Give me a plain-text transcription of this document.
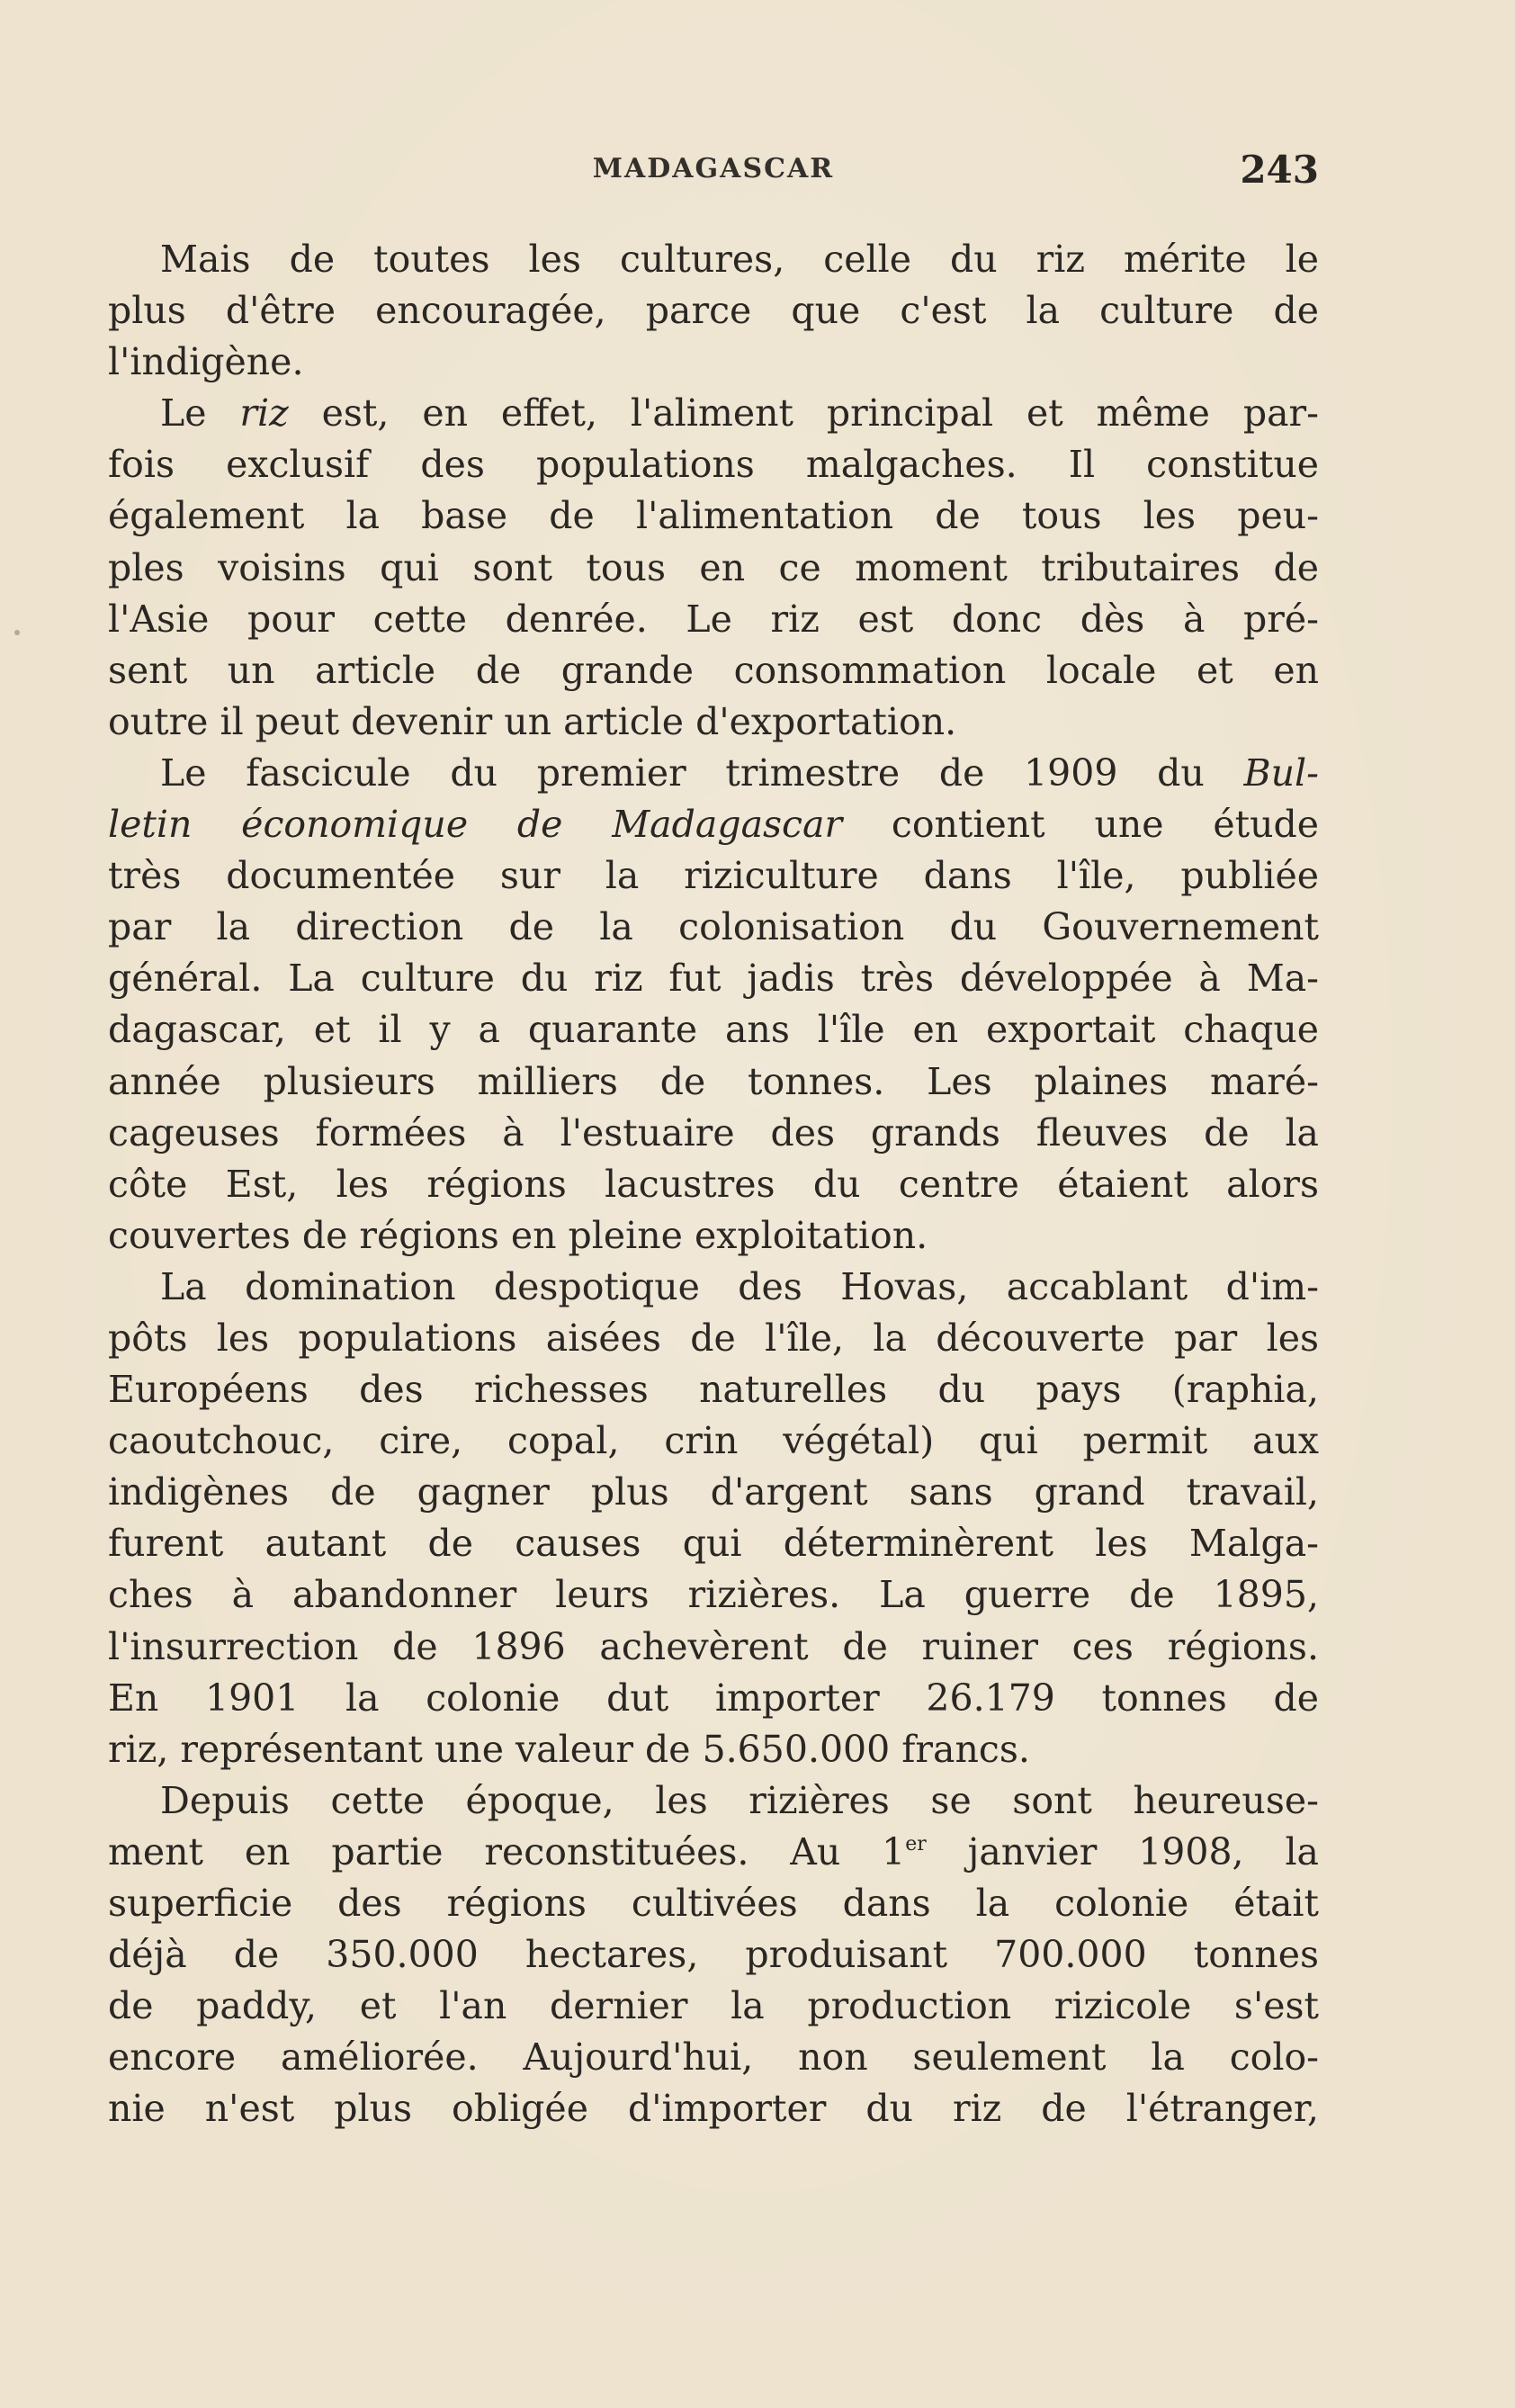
MADAGASCAR	243
Mais de toutes les cultures, celle du riz mérite le
plus d'être encouragée, parce que c'est la culture de
l'indigène.
Le riz est, en effet, l'aliment principal et même par-
fois exclusif des populations malgaches. Il constitue
également la base de l'alimentation de tous les peu-
ples voisins qui sont tous en ce moment tributaires de
l'Asie pour cette denrée. Le riz est donc dès à pré-
sent un article de grande consommation locale et en
outre il peut devenir un article d'exportation.
Le fascicule du premier trimestre de 1909 du Bul-
letin économique de Madagascar contient une étude
très documentée sur la riziculture dans l'île, publiée
par la direction de la colonisation du Gouvernement
général. La culture du riz fut jadis très développée à Ma-
dagascar, et il y a quarante ans l'île en exportait chaque
année plusieurs milliers de tonnes. Les plaines maré-
cageuses formées à l'estuaire des grands fleuves de la
côte Est, les régions lacustres du centre étaient alors
couvertes de régions en pleine exploitation.
La domination despotique des Hovas, accablant d'im-
pôts les populations aisées de l'île, la découverte par les
Européens des richesses naturelles du pays (raphia,
caoutchouc, cire, copal, crin végétal) qui permit aux
indigènes de gagner plus d'argent sans grand travail,
furent autant de causes qui déterminèrent les Malga-
ches à abandonner leurs rizières. La guerre de 1895,
l'insurrection de 1896 achevèrent de ruiner ces régions.
En 1901 la colonie dut importer 26.179 tonnes de
riz, représentant une valeur de 5.650.000 francs.
Depuis cette époque, les rizières se sont heureuse-
ment en partie reconstituées. Au 1er janvier 1908, la
superficie des régions cultivées dans la colonie était
déjà de 350.000 hectares, produisant 700.000 tonnes
de paddy, et l'an dernier la production rizicole s'est
encore améliorée. Aujourd'hui, non seulement la colo-
nie n'est plus obligée d'importer du riz de l'étranger,
